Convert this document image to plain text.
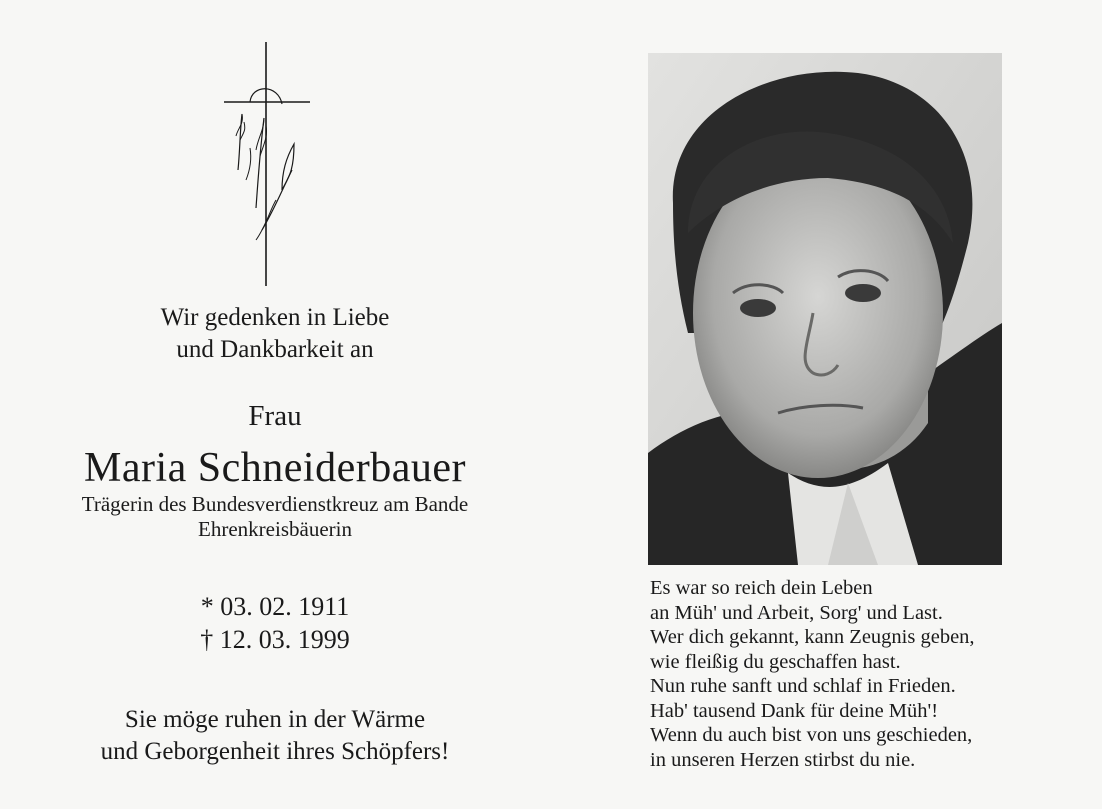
Wir gedenken in Liebe
und Dankbarkeit an
Frau
Maria Schneiderbauer
Trägerin des Bundesverdienstkreuz am Bande
Ehrenkreisbäuerin
* 03. 02. 1911
† 12. 03. 1999
Sie möge ruhen in der Wärme
und Geborgenheit ihres Schöpfers!
Es war so reich dein Leben
an Müh' und Arbeit, Sorg' und Last.
Wer dich gekannt, kann Zeugnis geben,
wie fleißig du geschaffen hast.
Nun ruhe sanft und schlaf in Frieden.
Hab' tausend Dank für deine Müh'!
Wenn du auch bist von uns geschieden,
in unseren Herzen stirbst du nie.
